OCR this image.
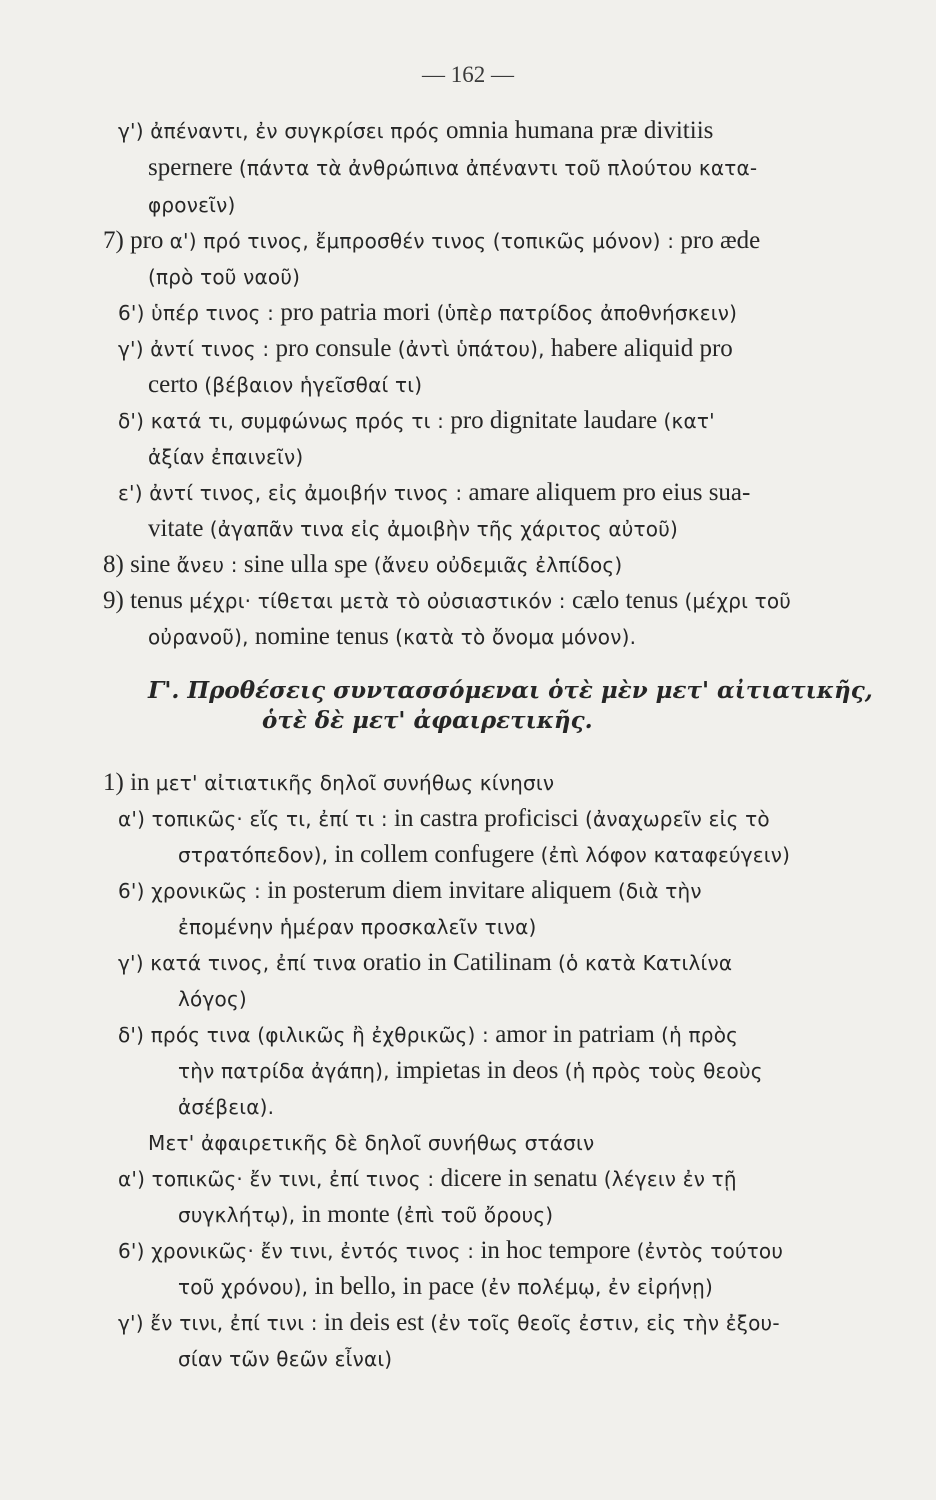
— 162 —
γ') ἀπέναντι, ἐν συγκρίσει πρός omnia humana præ divitiis
spernere (πάντα τὰ ἀνθρώπινα ἀπέναντι τοῦ πλούτου κατα-
φρονεῖν)
7) pro α') πρό τινος, ἔμπροσθέν τινος (τοπικῶς μόνον) : pro æde
(πρὸ τοῦ ναοῦ)
6') ὑπέρ τινος : pro patria mori (ὑπὲρ πατρίδος ἀποθνήσκειν)
γ') ἀντί τινος : pro consule (ἀντὶ ὑπάτου), habere aliquid pro
certo (βέβαιον ἡγεῖσθαί τι)
δ') κατά τι, συμφώνως πρός τι : pro dignitate laudare (κατ'
ἀξίαν ἐπαινεῖν)
ε') ἀντί τινος, εἰς ἀμοιβήν τινος : amare aliquem pro eius sua-
vitate (ἀγαπᾶν τινα εἰς ἀμοιβὴν τῆς χάριτος αὐτοῦ)
8) sine ἄνευ : sine ulla spe (ἄνευ οὐδεμιᾶς ἐλπίδος)
9) tenus μέχρι· τίθεται μετὰ τὸ οὐσιαστικόν : cælo tenus (μέχρι τοῦ
οὐρανοῦ), nomine tenus (κατὰ τὸ ὄνομα μόνον).
Γ'. Προθέσεις συντασσόμεναι ὁτὲ μὲν μετ' αἰτιατικῆς,
ὁτὲ δὲ μετ' ἀφαιρετικῆς.
1) in μετ' αἰτιατικῆς δηλοῖ συνήθως κίνησιν
α') τοπικῶς· εἴς τι, ἐπί τι : in castra proficisci (ἀναχωρεῖν εἰς τὸ
στρατόπεδον), in collem confugere (ἐπὶ λόφον καταφεύγειν)
6') χρονικῶς : in posterum diem invitare aliquem (διὰ τὴν
ἐπομένην ἡμέραν προσκαλεῖν τινα)
γ') κατά τινος, ἐπί τινα oratio in Catilinam (ὁ κατὰ Κατιλίνα
λόγος)
δ') πρός τινα (φιλικῶς ἢ ἐχθρικῶς) : amor in patriam (ἡ πρὸς
τὴν πατρίδα ἀγάπη), impietas in deos (ἡ πρὸς τοὺς θεοὺς
ἀσέβεια).
Μετ' ἀφαιρετικῆς δὲ δηλοῖ συνήθως στάσιν
α') τοπικῶς· ἔν τινι, ἐπί τινος : dicere in senatu (λέγειν ἐν τῇ
συγκλήτῳ), in monte (ἐπὶ τοῦ ὄρους)
6') χρονικῶς· ἔν τινι, ἐντός τινος : in hoc tempore (ἐντὸς τούτου
τοῦ χρόνου), in bello, in pace (ἐν πολέμῳ, ἐν εἰρήνῃ)
γ') ἔν τινι, ἐπί τινι : in deis est (ἐν τοῖς θεοῖς ἐστιν, εἰς τὴν ἐξου-
σίαν τῶν θεῶν εἶναι)
